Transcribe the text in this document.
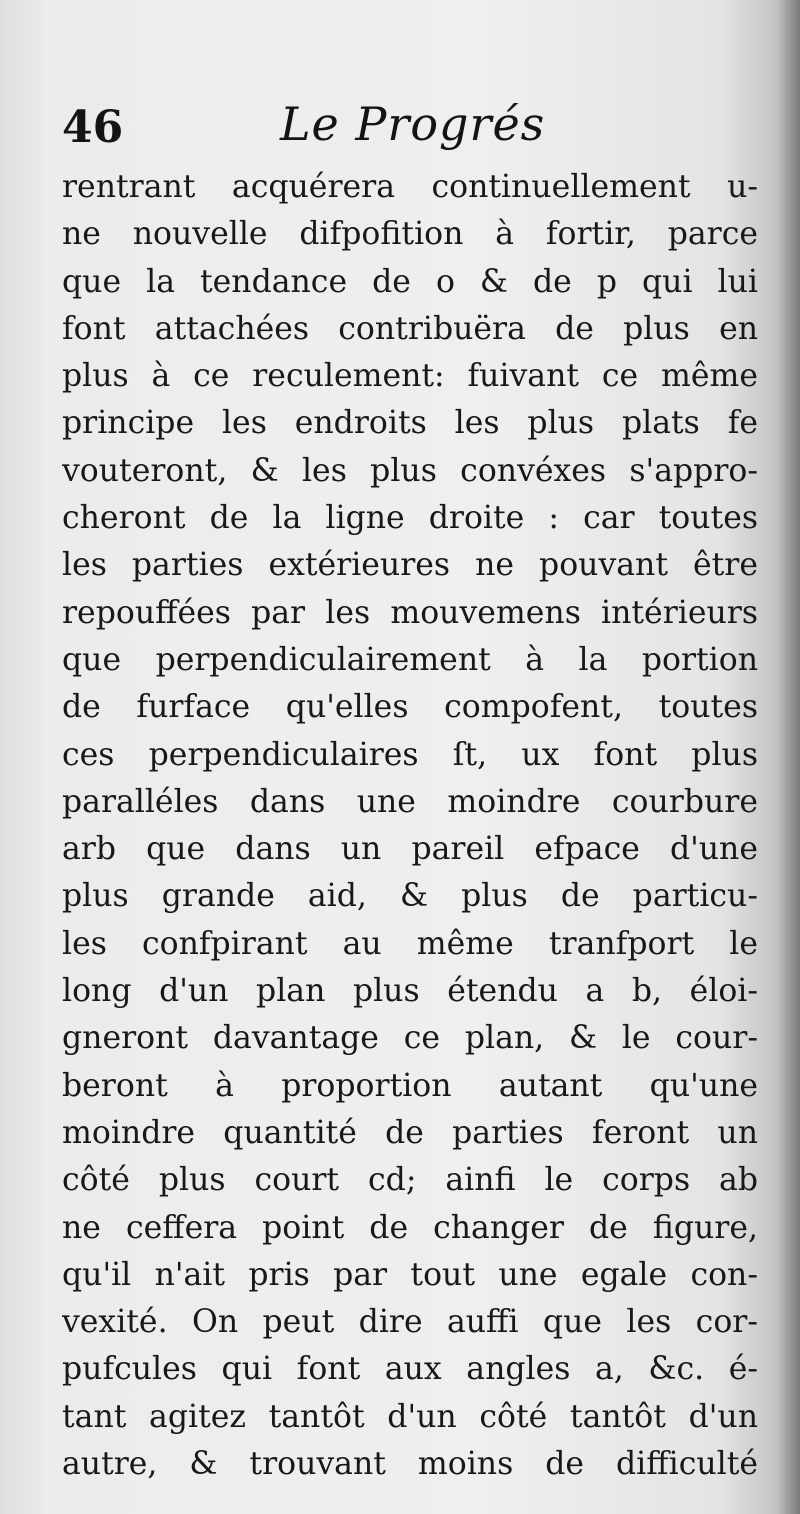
46	Le Progrés
rentrant acquérera continuellement u-
ne nouvelle difpofition à fortir, parce
que la tendance de o & de p qui lui
font attachées contribuëra de plus en
plus à ce reculement: fuivant ce même
principe les endroits les plus plats fe
vouteront, & les plus convéxes s'appro-
cheront de la ligne droite : car toutes
les parties extérieures ne pouvant être
repouffées par les mouvemens intérieurs
que perpendiculairement à la portion
de furface qu'elles compofent, toutes
ces perpendiculaires ſt, ux font plus
paralléles dans une moindre courbure
arb que dans un pareil efpace d'une
plus grande aid, & plus de particu-
les confpirant au même tranfport le
long d'un plan plus étendu a b, éloi-
gneront davantage ce plan, & le cour-
beront à proportion autant qu'une
moindre quantité de parties feront un
côté plus court cd; ainfi le corps ab
ne ceffera point de changer de figure,
qu'il n'ait pris par tout une egale con-
vexité. On peut dire auffi que les cor-
pufcules qui font aux angles a, &c. é-
tant agitez tantôt d'un côté tantôt d'un
autre, & trouvant moins de difficulté
